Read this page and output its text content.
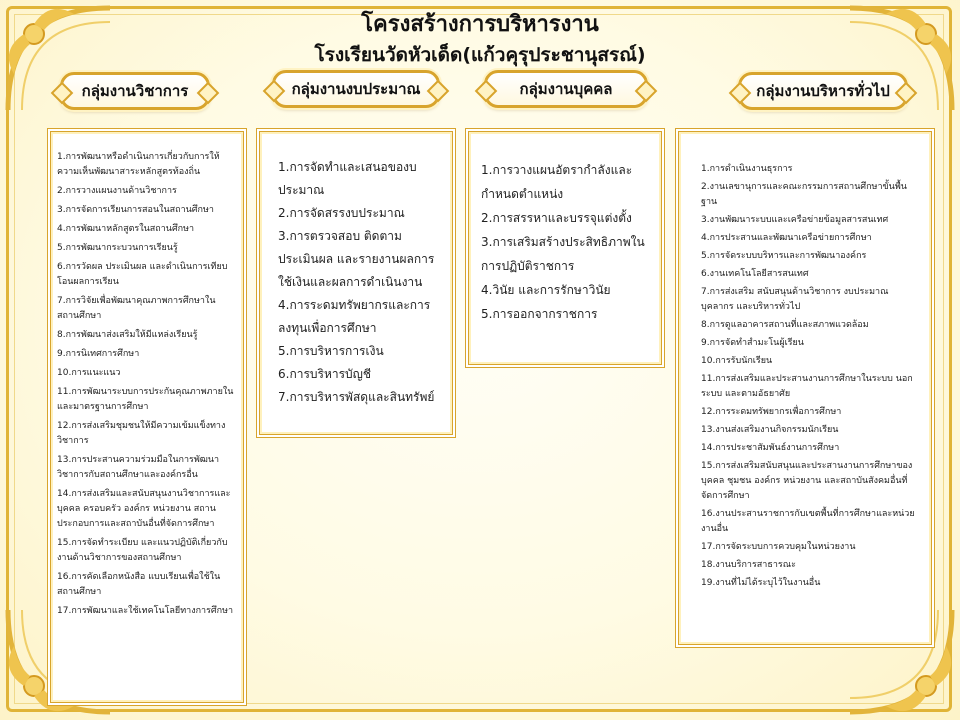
โครงสร้างการบริหารงาน
โรงเรียนวัดหัวเด็ด(แก้วคุรุประชานุสรณ์)
กลุ่มงานวิชาการ	กลุ่มงานงบประมาณ	กลุ่มงานบุคคล	กลุ่มงานบริหารทั่วไป
1.การพัฒนาหรือดำเนินการเกี่ยวกับการให้ความเห็นพัฒนาสาระหลักสูตรท้องถิ่น
2.การวางแผนงานด้านวิชาการ
3.การจัดการเรียนการสอนในสถานศึกษา
4.การพัฒนาหลักสูตรในสถานศึกษา
5.การพัฒนากระบวนการเรียนรู้
6.การวัดผล ประเมินผล และดำเนินการเทียบโอนผลการเรียน
7.การวิจัยเพื่อพัฒนาคุณภาพการศึกษาในสถานศึกษา
8.การพัฒนาส่งเสริมให้มีแหล่งเรียนรู้
9.การนิเทศการศึกษา
10.การแนะแนว
11.การพัฒนาระบบการประกันคุณภาพภายในและมาตรฐานการศึกษา
12.การส่งเสริมชุมชนให้มีความเข้มแข็งทางวิชาการ
13.การประสานความร่วมมือในการพัฒนาวิชาการกับสถานศึกษาและองค์กรอื่น
14.การส่งเสริมและสนับสนุนงานวิชาการและบุคคล ครอบครัว องค์กร หน่วยงาน สถานประกอบการและสถาบันอื่นที่จัดการศึกษา
15.การจัดทำระเบียบ และแนวปฏิบัติเกี่ยวกับงานด้านวิชาการของสถานศึกษา
16.การคัดเลือกหนังสือ แบบเรียนเพื่อใช้ในสถานศึกษา
17.การพัฒนาและใช้เทคโนโลยีทางการศึกษา
1.การจัดทำและเสนอของบประมาณ
2.การจัดสรรงบประมาณ
3.การตรวจสอบ ติดตาม ประเมินผล และรายงานผลการใช้เงินและผลการดำเนินงาน
4.การระดมทรัพยากรและการลงทุนเพื่อการศึกษา
5.การบริหารการเงิน
6.การบริหารบัญชี
7.การบริหารพัสดุและสินทรัพย์
1.การวางแผนอัตรากำลังและกำหนดตำแหน่ง
2.การสรรหาและบรรจุแต่งตั้ง
3.การเสริมสร้างประสิทธิภาพในการปฏิบัติราชการ
4.วินัย และการรักษาวินัย
5.การออกจากราชการ
1.การดำเนินงานธุรการ
2.งานเลขานุการและคณะกรรมการสถานศึกษาขั้นพื้นฐาน
3.งานพัฒนาระบบและเครือข่ายข้อมูลสารสนเทศ
4.การประสานและพัฒนาเครือข่ายการศึกษา
5.การจัดระบบบริหารและการพัฒนาองค์กร
6.งานเทคโนโลยีสารสนเทศ
7.การส่งเสริม สนับสนุนด้านวิชาการ งบประมาณ บุคลากร และบริหารทั่วไป
8.การดูแลอาคารสถานที่และสภาพแวดล้อม
9.การจัดทำสำมะโนผู้เรียน
10.การรับนักเรียน
11.การส่งเสริมและประสานงานการศึกษาในระบบ นอกระบบ และตามอัธยาศัย
12.การระดมทรัพยากรเพื่อการศึกษา
13.งานส่งเสริมงานกิจกรรมนักเรียน
14.การประชาสัมพันธ์งานการศึกษา
15.การส่งเสริมสนับสนุนและประสานงานการศึกษาของบุคคล ชุมชน องค์กร หน่วยงาน และสถาบันสังคมอื่นที่จัดการศึกษา
16.งานประสานราชการกับเขตพื้นที่การศึกษาและหน่วยงานอื่น
17.การจัดระบบการควบคุมในหน่วยงาน
18.งานบริการสาธารณะ
19.งานที่ไม่ได้ระบุไว้ในงานอื่น
